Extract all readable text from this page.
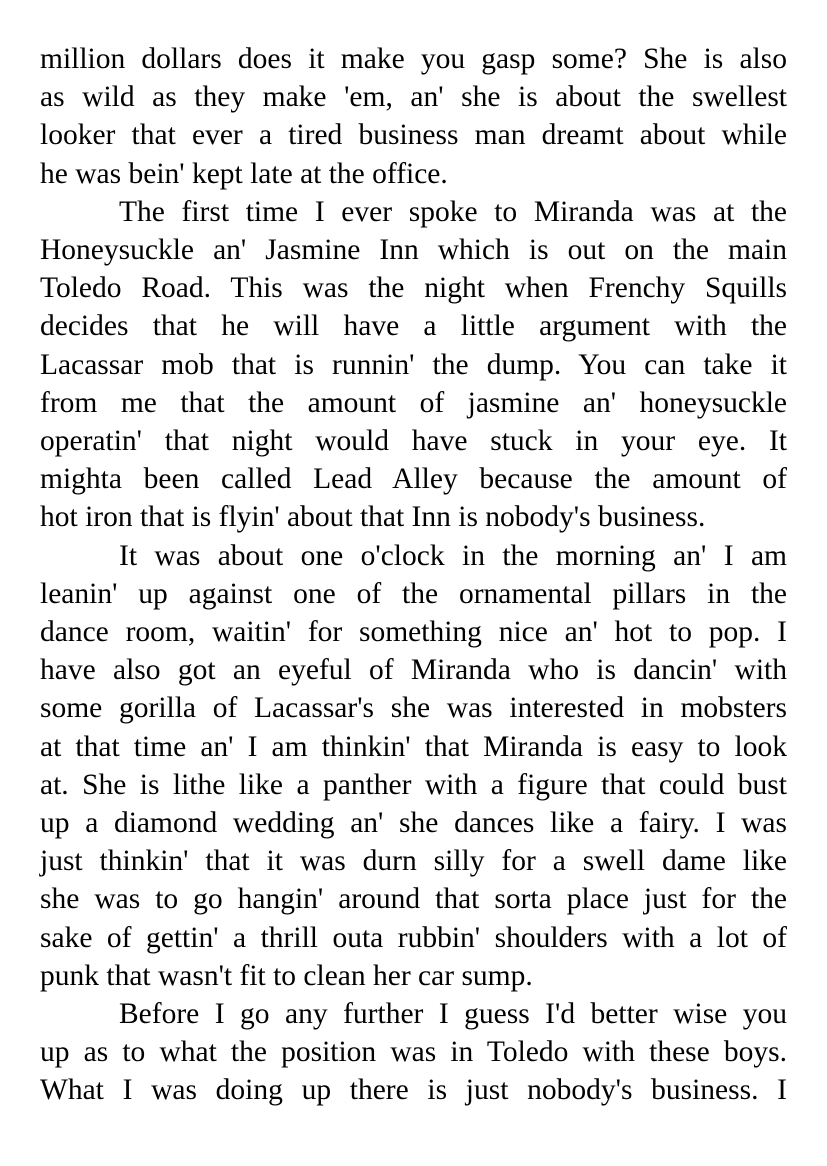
million dollars does it make you gasp some? She is also
as wild as they make 'em, an' she is about the swellest
looker that ever a tired business man dreamt about while
he was bein' kept late at the office.
The first time I ever spoke to Miranda was at the
Honeysuckle an' Jasmine Inn which is out on the main
Toledo Road. This was the night when Frenchy Squills
decides that he will have a little argument with the
Lacassar mob that is runnin' the dump. You can take it
from me that the amount of jasmine an' honeysuckle
operatin' that night would have stuck in your eye. It
mighta been called Lead Alley because the amount of
hot iron that is flyin' about that Inn is nobody's business.
It was about one o'clock in the morning an' I am
leanin' up against one of the ornamental pillars in the
dance room, waitin' for something nice an' hot to pop. I
have also got an eyeful of Miranda who is dancin' with
some gorilla of Lacassar's she was interested in mobsters
at that time an' I am thinkin' that Miranda is easy to look
at. She is lithe like a panther with a figure that could bust
up a diamond wedding an' she dances like a fairy. I was
just thinkin' that it was durn silly for a swell dame like
she was to go hangin' around that sorta place just for the
sake of gettin' a thrill outa rubbin' shoulders with a lot of
punk that wasn't fit to clean her car sump.
Before I go any further I guess I'd better wise you
up as to what the position was in Toledo with these boys.
What I was doing up there is just nobody's business. I
